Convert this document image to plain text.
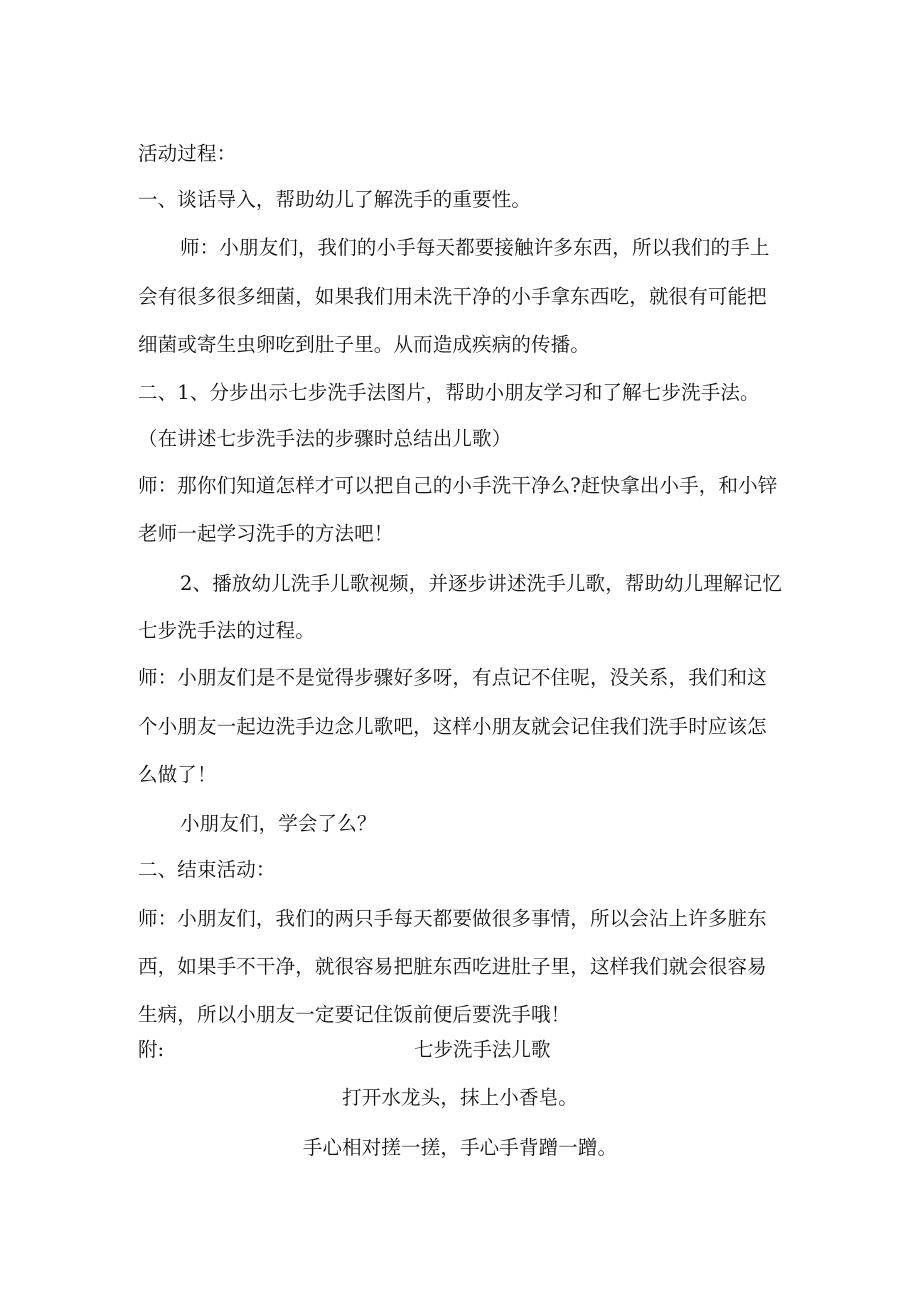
活动过程：
一、谈话导入，帮助幼儿了解洗手的重要性。
师：小朋友们，我们的小手每天都要接触许多东西，所以我们的手上
会有很多很多细菌，如果我们用未洗干净的小手拿东西吃，就很有可能把
细菌或寄生虫卵吃到肚子里。从而造成疾病的传播。
二、1、分步出示七步洗手法图片，帮助小朋友学习和了解七步洗手法。
（在讲述七步洗手法的步骤时总结出儿歌）
师：那你们知道怎样才可以把自己的小手洗干净么?赶快拿出小手，和小锌
老师一起学习洗手的方法吧！
2、播放幼儿洗手儿歌视频，并逐步讲述洗手儿歌，帮助幼儿理解记忆
七步洗手法的过程。
师：小朋友们是不是觉得步骤好多呀，有点记不住呢，没关系，我们和这
个小朋友一起边洗手边念儿歌吧，这样小朋友就会记住我们洗手时应该怎
么做了！
小朋友们，学会了么？
二、结束活动：
师：小朋友们，我们的两只手每天都要做很多事情，所以会沾上许多脏东
西，如果手不干净，就很容易把脏东西吃进肚子里，这样我们就会很容易
生病，所以小朋友一定要记住饭前便后要洗手哦！
附:	七步洗手法儿歌
打开水龙头，抹上小香皂。
手心相对搓一搓，手心手背蹭一蹭。
